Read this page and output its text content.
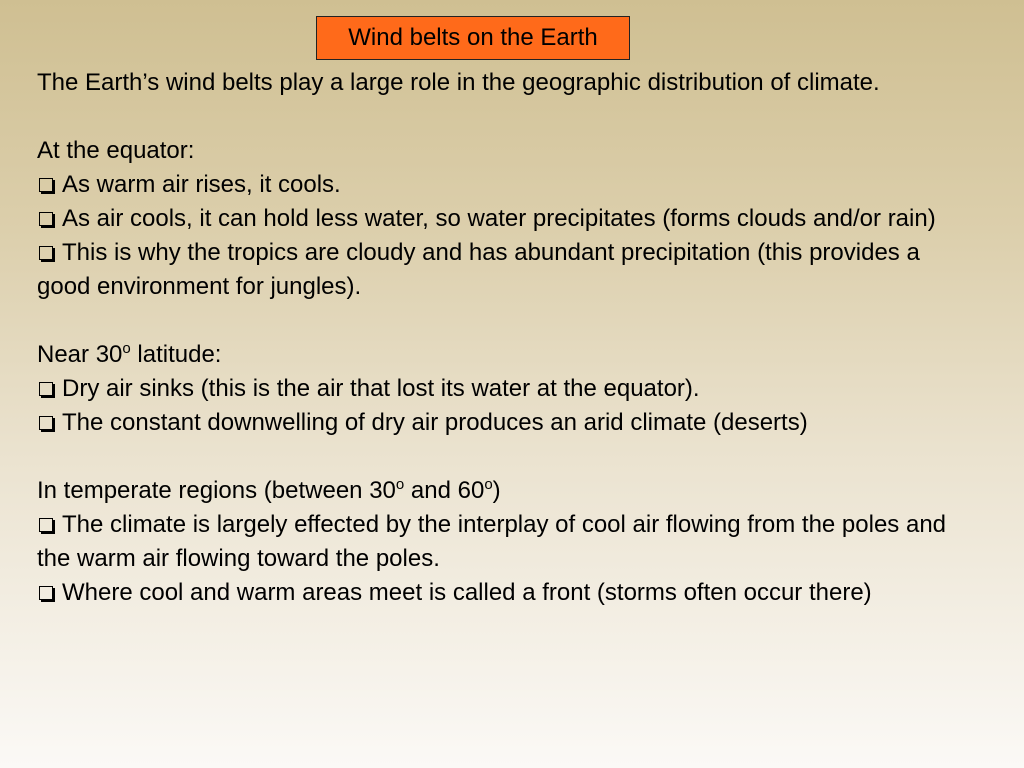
Wind belts on the Earth

The Earth’s wind belts play a large role in the geographic distribution of climate.

At the equator:

As warm air rises, it cools.

As air cools, it can hold less water, so water precipitates (forms clouds and/or rain)

This is why the tropics are cloudy and has abundant precipitation (this provides a good environment for jungles).

Near 30$^o$ latitude:

Dry air sinks (this is the air that lost its water at the equator).

The constant downwelling of dry air produces an arid climate (deserts)

In temperate regions (between 30$^o$ and 60$^o$)

The climate is largely effected by the interplay of cool air flowing from the poles and the warm air flowing toward the poles.

Where cool and warm areas meet is called a front (storms often occur there)
